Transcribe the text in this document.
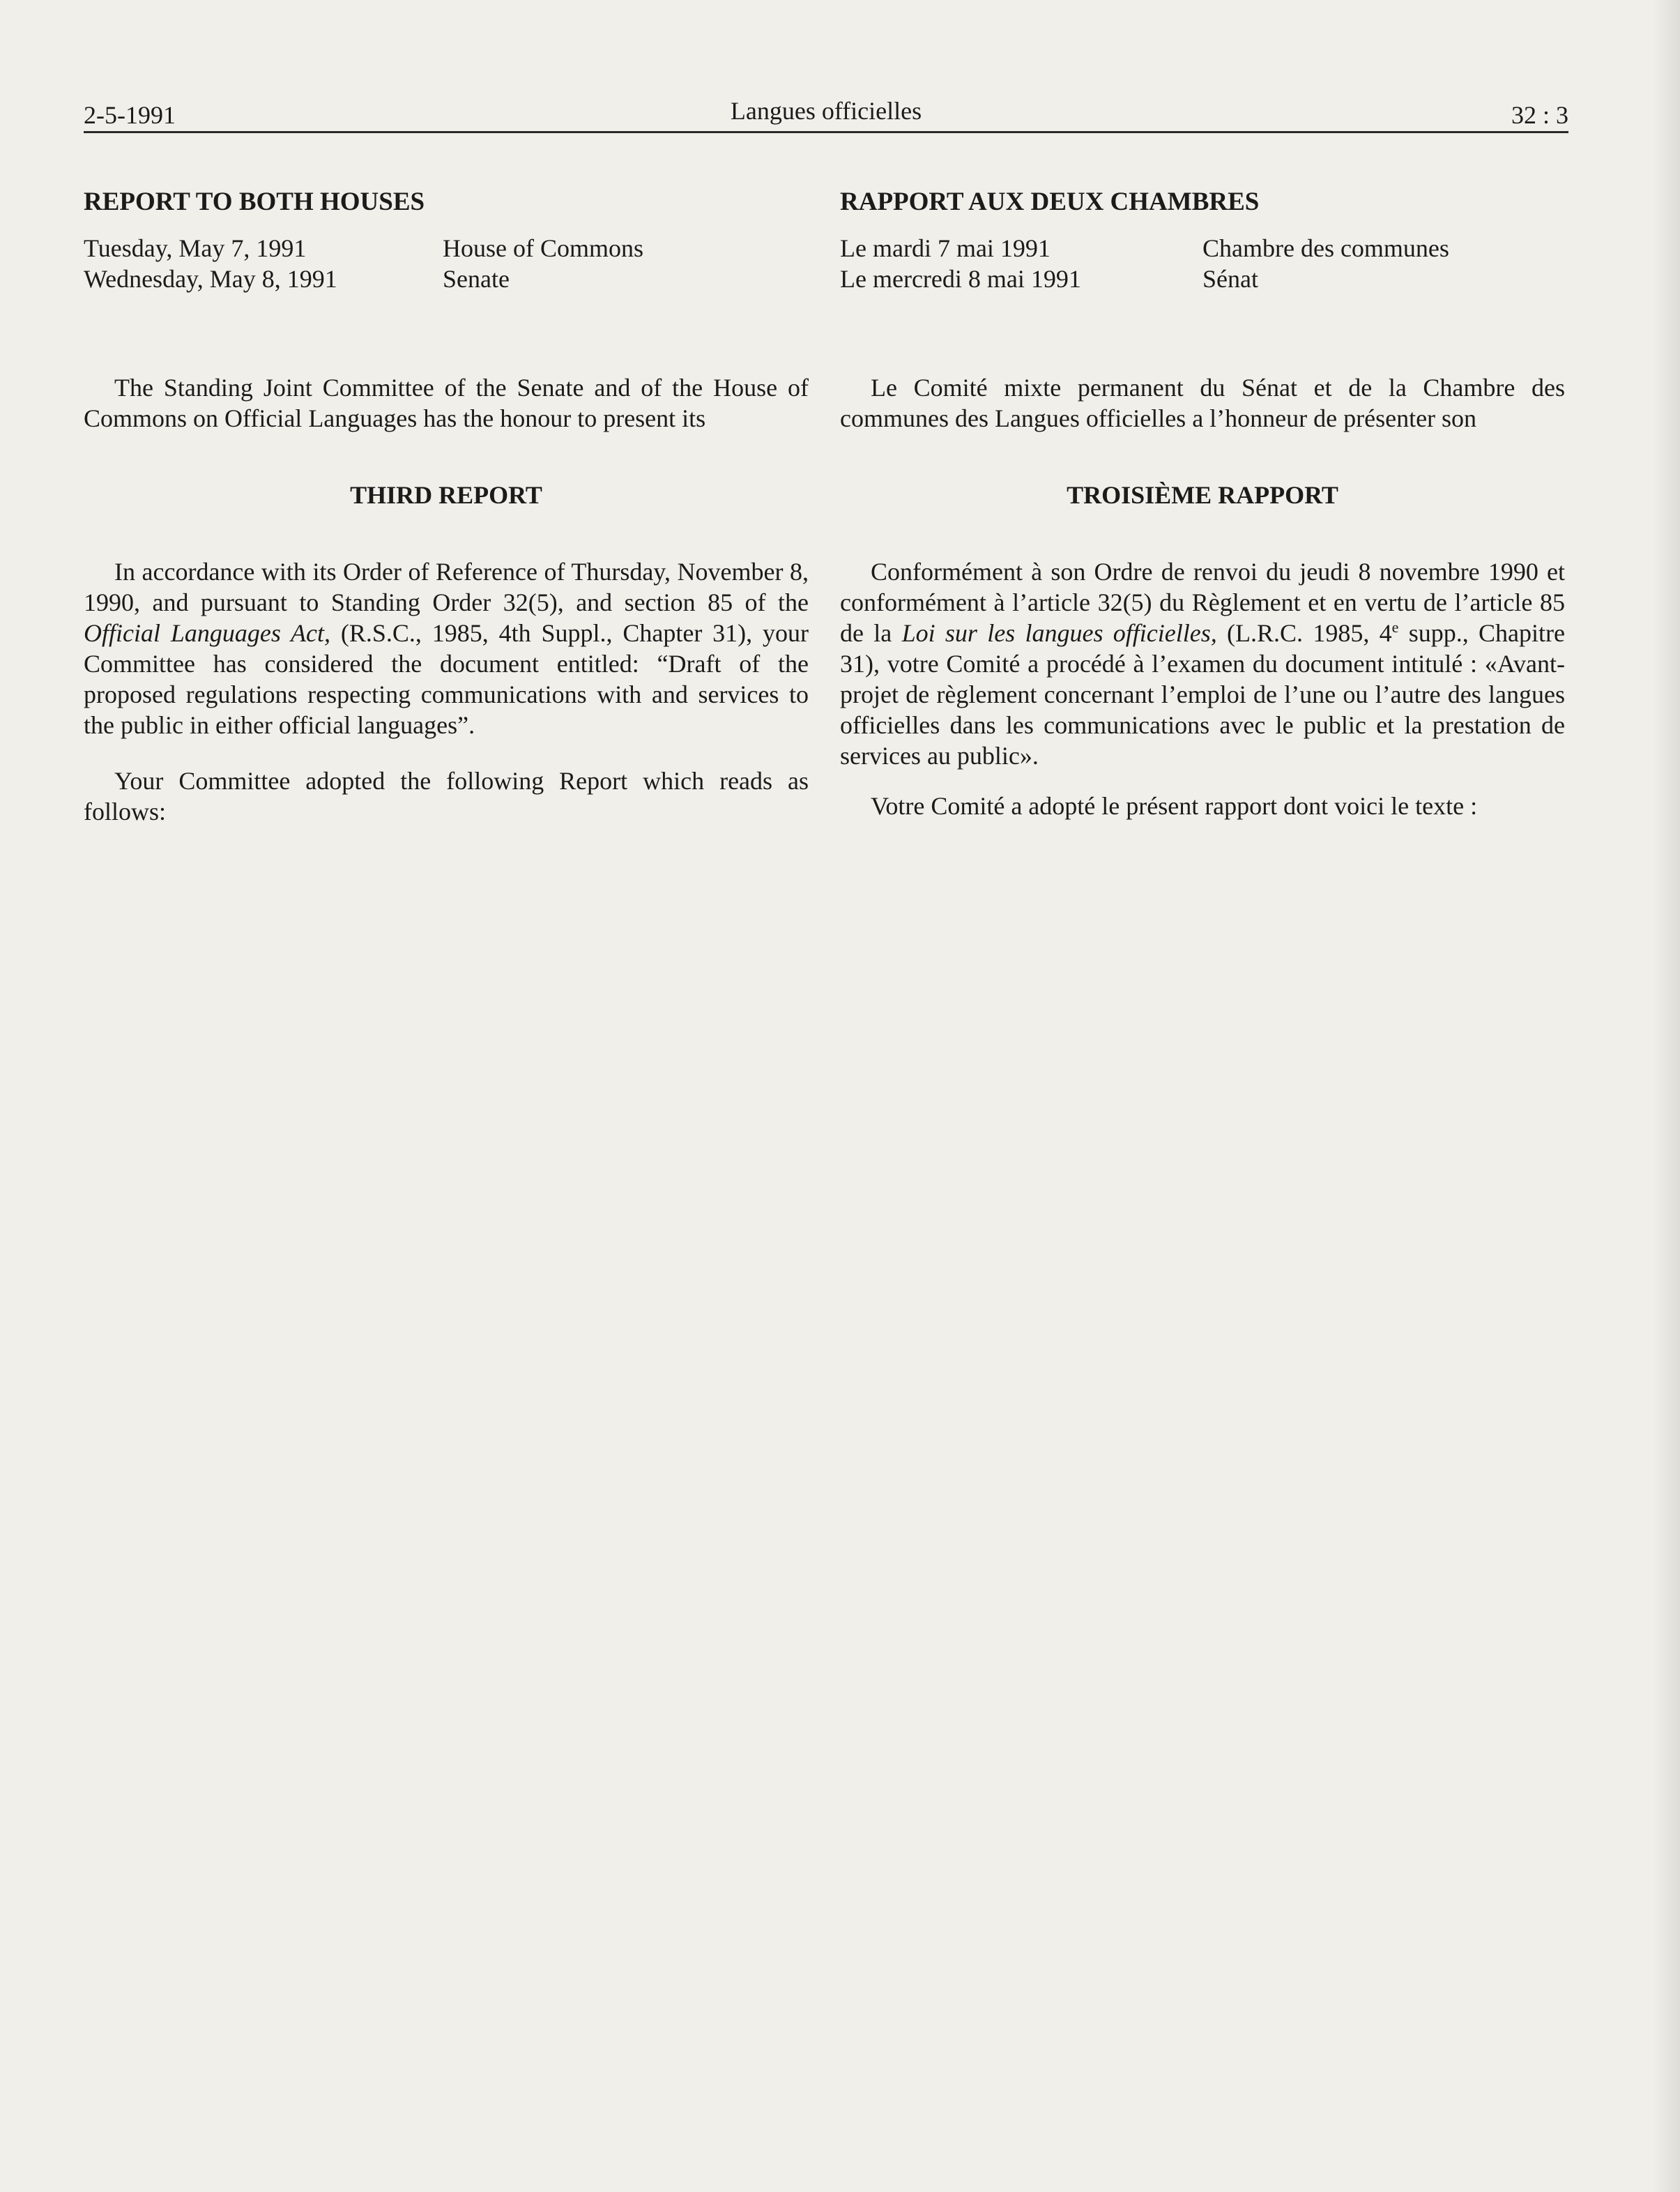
2-5-1991	Langues officielles	32 : 3
REPORT TO BOTH HOUSES
Tuesday, May 7, 1991	House of Commons
Wednesday, May 8, 1991	Senate

The Standing Joint Committee of the Senate and of the House of Commons on Official Languages has the honour to present its

THIRD REPORT

In accordance with its Order of Reference of Thursday, November 8, 1990, and pursuant to Standing Order 32(5), and section 85 of the Official Languages Act, (R.S.C., 1985, 4th Suppl., Chapter 31), your Committee has considered the document entitled: “Draft of the proposed regulations respecting communications with and services to the public in either official languages”.

Your Committee adopted the following Report which reads as follows:

RAPPORT AUX DEUX CHAMBRES
Le mardi 7 mai 1991	Chambre des communes
Le mercredi 8 mai 1991	Sénat

Le Comité mixte permanent du Sénat et de la Chambre des communes des Langues officielles a l’honneur de présenter son

TROISIÈME RAPPORT

Conformément à son Ordre de renvoi du jeudi 8 novembre 1990 et conformément à l’article 32(5) du Règlement et en vertu de l’article 85 de la Loi sur les langues officielles, (L.R.C. 1985, 4e supp., Chapitre 31), votre Comité a procédé à l’examen du document intitulé : «Avant-projet de règlement concernant l’emploi de l’une ou l’autre des langues officielles dans les communications avec le public et la prestation de services au public».

Votre Comité a adopté le présent rapport dont voici le texte :
